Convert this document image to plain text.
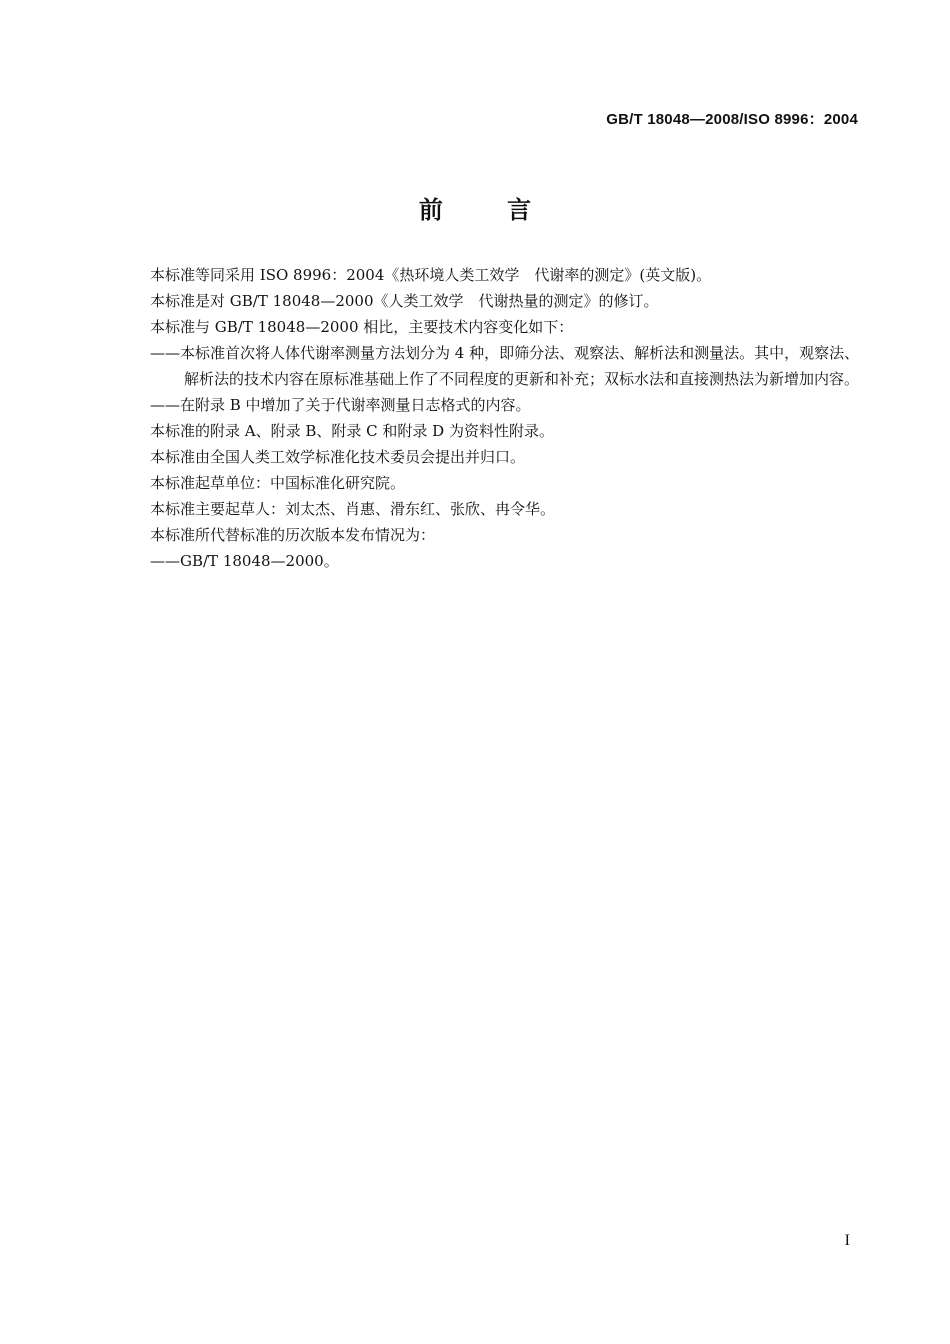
GB/T 18048—2008/ISO 8996：2004
前 言

本标准等同采用 ISO 8996：2004《热环境人类工效学　代谢率的测定》(英文版)。

本标准是对 GB/T 18048—2000《人类工效学　代谢热量的测定》的修订。

本标准与 GB/T 18048—2000 相比，主要技术内容变化如下：

——本标准首次将人体代谢率测量方法划分为 4 种，即筛分法、观察法、解析法和测量法。其中，观察法、解析法的技术内容在原标准基础上作了不同程度的更新和补充；双标水法和直接测热法为新增加内容。

——在附录 B 中增加了关于代谢率测量日志格式的内容。

本标准的附录 A、附录 B、附录 C 和附录 D 为资料性附录。

本标准由全国人类工效学标准化技术委员会提出并归口。

本标准起草单位：中国标准化研究院。

本标准主要起草人：刘太杰、肖惠、滑东红、张欣、冉令华。

本标准所代替标准的历次版本发布情况为：

——GB/T 18048—2000。

I
